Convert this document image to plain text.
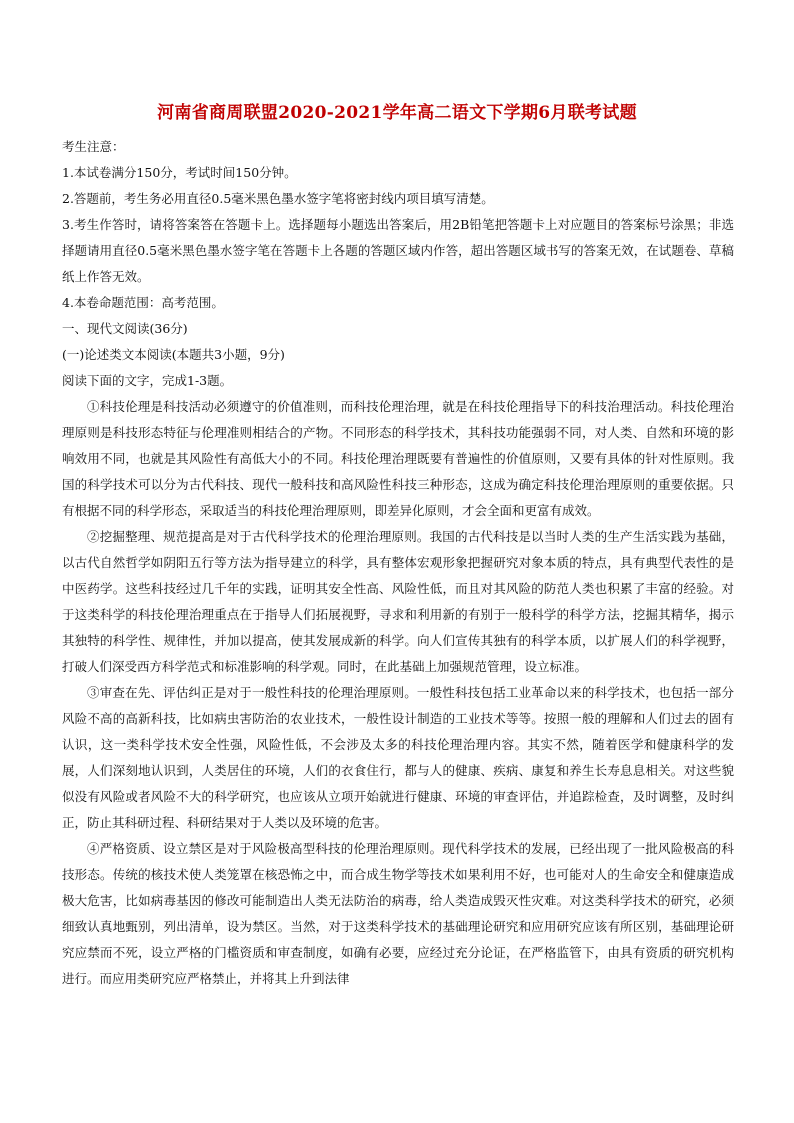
河南省商周联盟2020-2021学年高二语文下学期6月联考试题

考生注意：

1.本试卷满分150分，考试时间150分钟。

2.答题前，考生务必用直径0.5毫米黑色墨水签字笔将密封线内项目填写清楚。

3.考生作答时，请将答案答在答题卡上。选择题每小题选出答案后，用2B铅笔把答题卡上对应题目的答案标号涂黑；非选择题请用直径0.5毫米黑色墨水签字笔在答题卡上各题的答题区域内作答，超出答题区域书写的答案无效，在试题卷、草稿纸上作答无效。

4.本卷命题范围：高考范围。

一、现代文阅读(36分)

(一)论述类文本阅读(本题共3小题，9分)

阅读下面的文字，完成1-3题。

①科技伦理是科技活动必须遵守的价值准则，而科技伦理治理，就是在科技伦理指导下的科技治理活动。科技伦理治理原则是科技形态特征与伦理准则相结合的产物。不同形态的科学技术，其科技功能强弱不同，对人类、自然和环境的影响效用不同，也就是其风险性有高低大小的不同。科技伦理治理既要有普遍性的价值原则，又要有具体的针对性原则。我国的科学技术可以分为古代科技、现代一般科技和高风险性科技三种形态，这成为确定科技伦理治理原则的重要依据。只有根据不同的科学形态，采取适当的科技伦理治理原则，即差异化原则，才会全面和更富有成效。

②挖掘整理、规范提高是对于古代科学技术的伦理治理原则。我国的古代科技是以当时人类的生产生活实践为基础，以古代自然哲学如阴阳五行等方法为指导建立的科学，具有整体宏观形象把握研究对象本质的特点，具有典型代表性的是中医药学。这些科技经过几千年的实践，证明其安全性高、风险性低，而且对其风险的防范人类也积累了丰富的经验。对于这类科学的科技伦理治理重点在于指导人们拓展视野，寻求和利用新的有别于一般科学的科学方法，挖掘其精华，揭示其独特的科学性、规律性，并加以提高，使其发展成新的科学。向人们宣传其独有的科学本质，以扩展人们的科学视野，打破人们深受西方科学范式和标准影响的科学观。同时，在此基础上加强规范管理，设立标准。

③审查在先、评估纠正是对于一般性科技的伦理治理原则。一般性科技包括工业革命以来的科学技术，也包括一部分风险不高的高新科技，比如病虫害防治的农业技术，一般性设计制造的工业技术等等。按照一般的理解和人们过去的固有认识，这一类科学技术安全性强，风险性低，不会涉及太多的科技伦理治理内容。其实不然，随着医学和健康科学的发展，人们深刻地认识到，人类居住的环境，人们的衣食住行，都与人的健康、疾病、康复和养生长寿息息相关。对这些貌似没有风险或者风险不大的科学研究，也应该从立项开始就进行健康、环境的审查评估，并追踪检查，及时调整，及时纠正，防止其科研过程、科研结果对于人类以及环境的危害。

④严格资质、设立禁区是对于风险极高型科技的伦理治理原则。现代科学技术的发展，已经出现了一批风险极高的科技形态。传统的核技术使人类笼罩在核恐怖之中，而合成生物学等技术如果利用不好，也可能对人的生命安全和健康造成极大危害，比如病毒基因的修改可能制造出人类无法防治的病毒，给人类造成毁灭性灾难。对这类科学技术的研究，必须细致认真地甄别，列出清单，设为禁区。当然，对于这类科学技术的基础理论研究和应用研究应该有所区别，基础理论研究应禁而不死，设立严格的门槛资质和审查制度，如确有必要，应经过充分论证，在严格监管下，由具有资质的研究机构进行。而应用类研究应严格禁止，并将其上升到法律
